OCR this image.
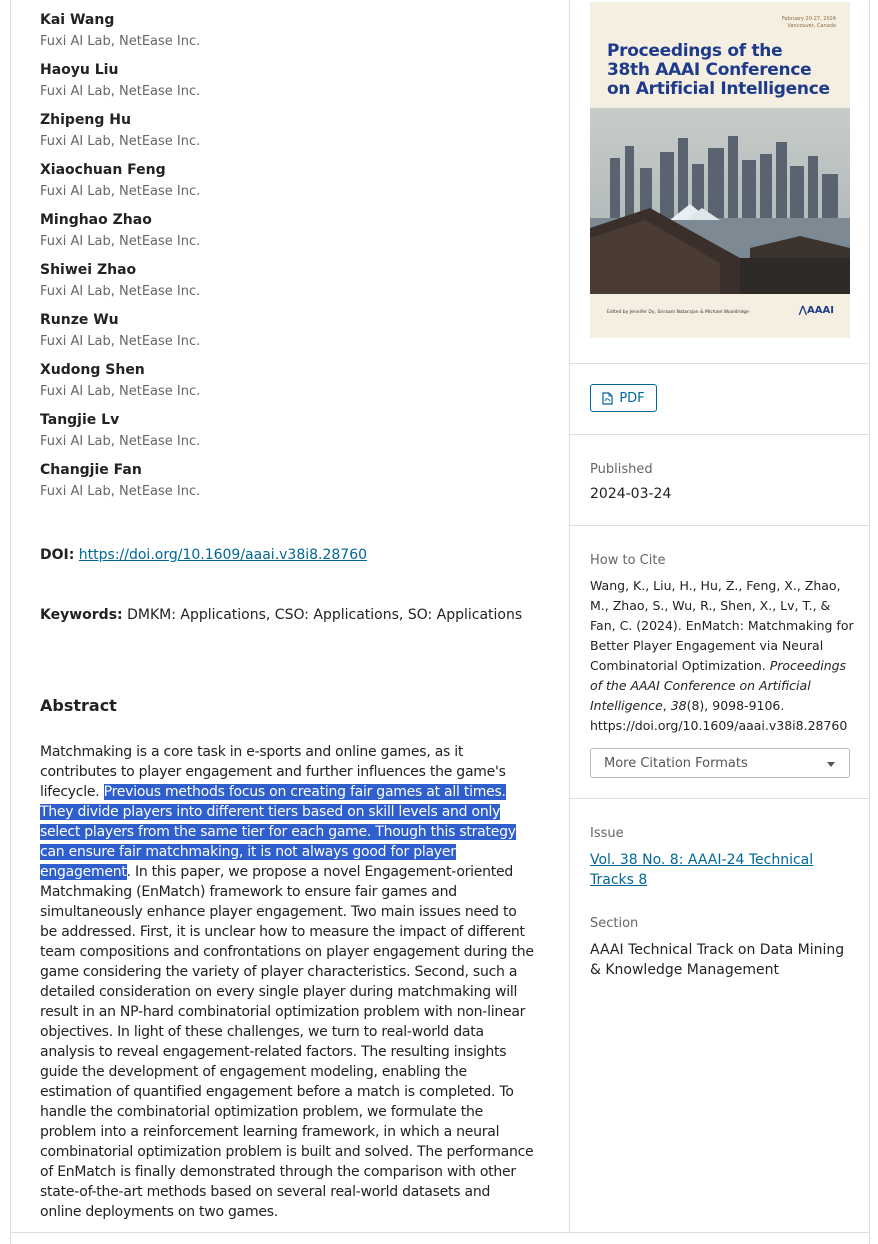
Kai Wang
Fuxi AI Lab, NetEase Inc.
Haoyu Liu
Fuxi AI Lab, NetEase Inc.
Zhipeng Hu
Fuxi AI Lab, NetEase Inc.
Xiaochuan Feng
Fuxi AI Lab, NetEase Inc.
Minghao Zhao
Fuxi AI Lab, NetEase Inc.
Shiwei Zhao
Fuxi AI Lab, NetEase Inc.
Runze Wu
Fuxi AI Lab, NetEase Inc.
Xudong Shen
Fuxi AI Lab, NetEase Inc.
Tangjie Lv
Fuxi AI Lab, NetEase Inc.
Changjie Fan
Fuxi AI Lab, NetEase Inc.
DOI: https://doi.org/10.1609/aaai.v38i8.28760
Keywords: DMKM: Applications, CSO: Applications, SO: Applications
Abstract
Matchmaking is a core task in e-sports and online games, as it contributes to player engagement and further influences the game's lifecycle. Previous methods focus on creating fair games at all times. They divide players into different tiers based on skill levels and only select players from the same tier for each game. Though this strategy can ensure fair matchmaking, it is not always good for player engagement. In this paper, we propose a novel Engagement-oriented Matchmaking (EnMatch) framework to ensure fair games and simultaneously enhance player engagement. Two main issues need to be addressed. First, it is unclear how to measure the impact of different team compositions and confrontations on player engagement during the game considering the variety of player characteristics. Second, such a detailed consideration on every single player during matchmaking will result in an NP-hard combinatorial optimization problem with non-linear objectives. In light of these challenges, we turn to real-world data analysis to reveal engagement-related factors. The resulting insights guide the development of engagement modeling, enabling the estimation of quantified engagement before a match is completed. To handle the combinatorial optimization problem, we formulate the problem into a reinforcement learning framework, in which a neural combinatorial optimization problem is built and solved. The performance of EnMatch is finally demonstrated through the comparison with other state-of-the-art methods based on several real-world datasets and online deployments on two games.
February 20-27, 2024
Vancouver, Canada
Proceedings of the
38th AAAI Conference
on Artificial Intelligence
Edited by Jennifer Dy, Sriraam Natarajan & Michael Wooldridge	⋀AAAI
PDF
Published
2024-03-24
How to Cite
Wang, K., Liu, H., Hu, Z., Feng, X., Zhao, M., Zhao, S., Wu, R., Shen, X., Lv, T., & Fan, C. (2024). EnMatch: Matchmaking for Better Player Engagement via Neural Combinatorial Optimization. Proceedings of the AAAI Conference on Artificial Intelligence, 38(8), 9098-9106. https://doi.org/10.1609/aaai.v38i8.28760
More Citation Formats
Issue
Vol. 38 No. 8: AAAI-24 Technical Tracks 8
Section
AAAI Technical Track on Data Mining & Knowledge Management
